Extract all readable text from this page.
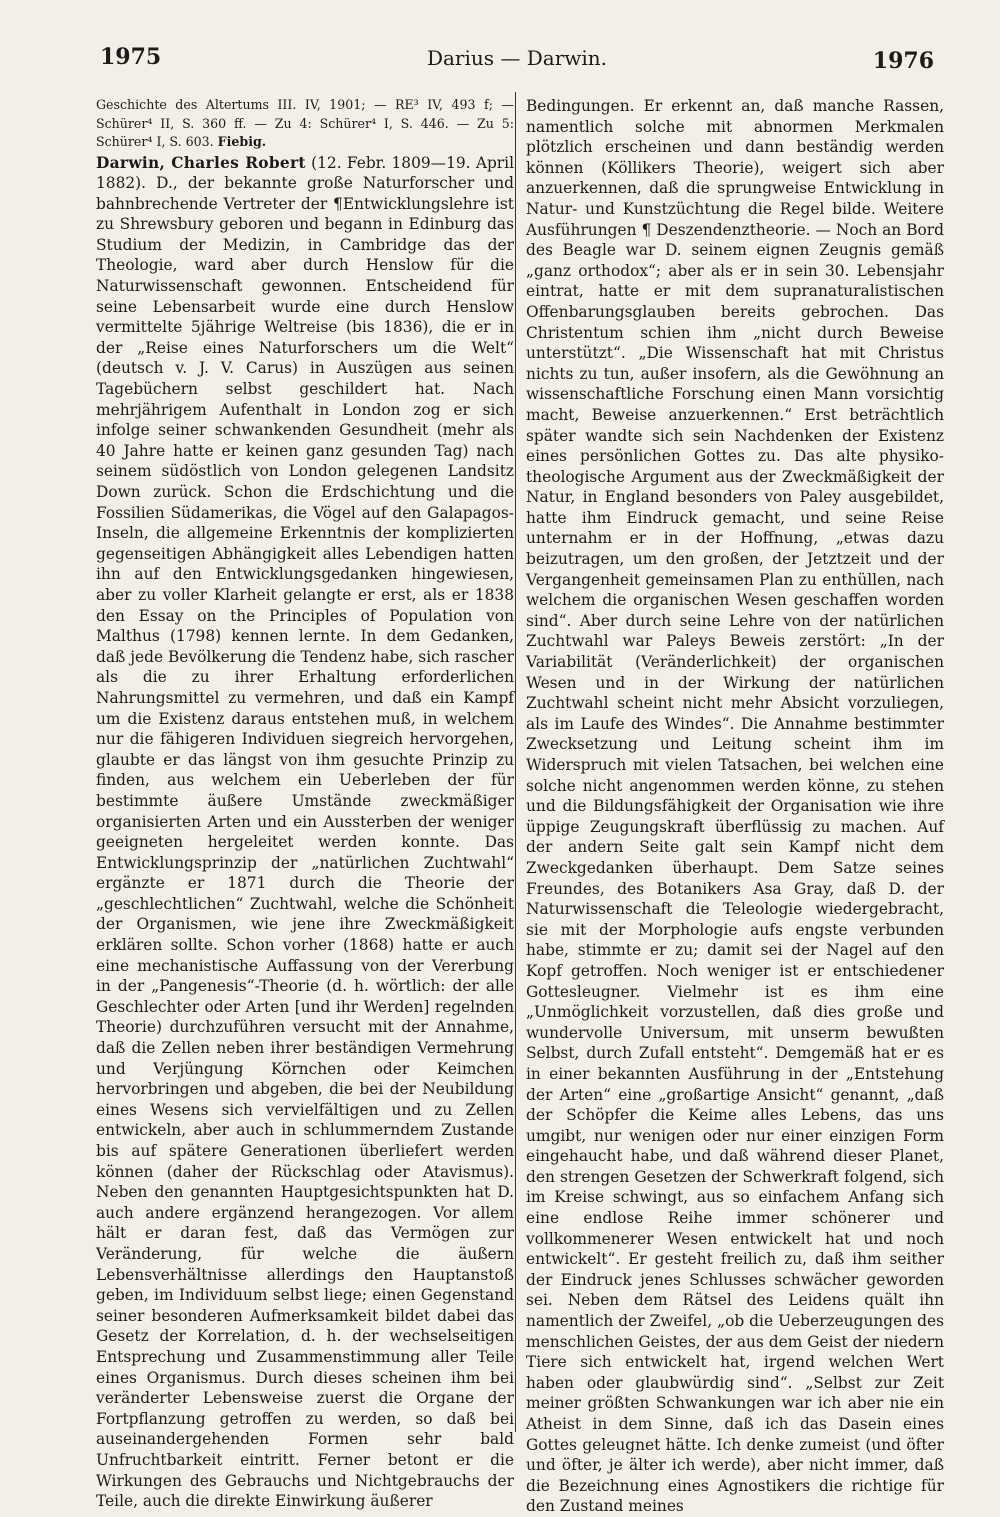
1975	Darius — Darwin.	1976

Geschichte des Altertums III. IV, 1901; — RE³ IV, 493 f; — Schürer⁴ II, S. 360 ff. — Zu 4: Schürer⁴ I, S. 446. — Zu 5: Schürer⁴ I, S. 603. Fiebig.

Darwin, Charles Robert (12. Febr. 1809—19. April 1882). D., der bekannte große Naturforscher und bahnbrechende Vertreter der ¶Entwicklungslehre ist zu Shrewsbury geboren und begann in Edinburg das Studium der Medizin, in Cambridge das der Theologie, ward aber durch Henslow für die Naturwissenschaft gewonnen. Entscheidend für seine Lebensarbeit wurde eine durch Henslow vermittelte 5jährige Weltreise (bis 1836), die er in der „Reise eines Naturforschers um die Welt“ (deutsch v. J. V. Carus) in Auszügen aus seinen Tagebüchern selbst geschildert hat. Nach mehrjährigem Aufenthalt in London zog er sich infolge seiner schwankenden Gesundheit (mehr als 40 Jahre hatte er keinen ganz gesunden Tag) nach seinem südöstlich von London gelegenen Landsitz Down zurück. Schon die Erdschichtung und die Fossilien Südamerikas, die Vögel auf den Galapagos-Inseln, die allgemeine Erkenntnis der komplizierten gegenseitigen Abhängigkeit alles Lebendigen hatten ihn auf den Entwicklungsgedanken hingewiesen, aber zu voller Klarheit gelangte er erst, als er 1838 den Essay on the Principles of Population von Malthus (1798) kennen lernte. In dem Gedanken, daß jede Bevölkerung die Tendenz habe, sich rascher als die zu ihrer Erhaltung erforderlichen Nahrungsmittel zu vermehren, und daß ein Kampf um die Existenz daraus entstehen muß, in welchem nur die fähigeren Individuen siegreich hervorgehen, glaubte er das längst von ihm gesuchte Prinzip zu finden, aus welchem ein Ueberleben der für bestimmte äußere Umstände zweckmäßiger organisierten Arten und ein Aussterben der weniger geeigneten hergeleitet werden konnte. Das Entwicklungsprinzip der „natürlichen Zuchtwahl“ ergänzte er 1871 durch die Theorie der „geschlechtlichen“ Zuchtwahl, welche die Schönheit der Organismen, wie jene ihre Zweckmäßigkeit erklären sollte. Schon vorher (1868) hatte er auch eine mechanistische Auffassung von der Vererbung in der „Pangenesis“-Theorie (d. h. wörtlich: der alle Geschlechter oder Arten [und ihr Werden] regelnden Theorie) durchzuführen versucht mit der Annahme, daß die Zellen neben ihrer beständigen Vermehrung und Verjüngung Körnchen oder Keimchen hervorbringen und abgeben, die bei der Neubildung eines Wesens sich vervielfältigen und zu Zellen entwickeln, aber auch in schlummerndem Zustande bis auf spätere Generationen überliefert werden können (daher der Rückschlag oder Atavismus). Neben den genannten Hauptgesichtspunkten hat D. auch andere ergänzend herangezogen. Vor allem hält er daran fest, daß das Vermögen zur Veränderung, für welche die äußern Lebensverhältnisse allerdings den Hauptanstoß geben, im Individuum selbst liege; einen Gegenstand seiner besonderen Aufmerksamkeit bildet dabei das Gesetz der Korrelation, d. h. der wechselseitigen Entsprechung und Zusammenstimmung aller Teile eines Organismus. Durch dieses scheinen ihm bei veränderter Lebensweise zuerst die Organe der Fortpflanzung getroffen zu werden, so daß bei auseinandergehenden Formen sehr bald Unfruchtbarkeit eintritt. Ferner betont er die Wirkungen des Gebrauchs und Nichtgebrauchs der Teile, auch die direkte Einwirkung äußerer

Bedingungen. Er erkennt an, daß manche Rassen, namentlich solche mit abnormen Merkmalen plötzlich erscheinen und dann beständig werden können (Köllikers Theorie), weigert sich aber anzuerkennen, daß die sprungweise Entwicklung in Natur- und Kunstzüchtung die Regel bilde. Weitere Ausführungen ¶ Deszendenztheorie. — Noch an Bord des Beagle war D. seinem eignen Zeugnis gemäß „ganz orthodox“; aber als er in sein 30. Lebensjahr eintrat, hatte er mit dem supranaturalistischen Offenbarungsglauben bereits gebrochen. Das Christentum schien ihm „nicht durch Beweise unterstützt“. „Die Wissenschaft hat mit Christus nichts zu tun, außer insofern, als die Gewöhnung an wissenschaftliche Forschung einen Mann vorsichtig macht, Beweise anzuerkennen.“ Erst beträchtlich später wandte sich sein Nachdenken der Existenz eines persönlichen Gottes zu. Das alte physiko-theologische Argument aus der Zweckmäßigkeit der Natur, in England besonders von Paley ausgebildet, hatte ihm Eindruck gemacht, und seine Reise unternahm er in der Hoffnung, „etwas dazu beizutragen, um den großen, der Jetztzeit und der Vergangenheit gemeinsamen Plan zu enthüllen, nach welchem die organischen Wesen geschaffen worden sind“. Aber durch seine Lehre von der natürlichen Zuchtwahl war Paleys Beweis zerstört: „In der Variabilität (Veränderlichkeit) der organischen Wesen und in der Wirkung der natürlichen Zuchtwahl scheint nicht mehr Absicht vorzuliegen, als im Laufe des Windes“. Die Annahme bestimmter Zwecksetzung und Leitung scheint ihm im Widerspruch mit vielen Tatsachen, bei welchen eine solche nicht angenommen werden könne, zu stehen und die Bildungsfähigkeit der Organisation wie ihre üppige Zeugungskraft überflüssig zu machen. Auf der andern Seite galt sein Kampf nicht dem Zweckgedanken überhaupt. Dem Satze seines Freundes, des Botanikers Asa Gray, daß D. der Naturwissenschaft die Teleologie wiedergebracht, sie mit der Morphologie aufs engste verbunden habe, stimmte er zu; damit sei der Nagel auf den Kopf getroffen. Noch weniger ist er entschiedener Gottesleugner. Vielmehr ist es ihm eine „Unmöglichkeit vorzustellen, daß dies große und wundervolle Universum, mit unserm bewußten Selbst, durch Zufall entsteht“. Demgemäß hat er es in einer bekannten Ausführung in der „Entstehung der Arten“ eine „großartige Ansicht“ genannt, „daß der Schöpfer die Keime alles Lebens, das uns umgibt, nur wenigen oder nur einer einzigen Form eingehaucht habe, und daß während dieser Planet, den strengen Gesetzen der Schwerkraft folgend, sich im Kreise schwingt, aus so einfachem Anfang sich eine endlose Reihe immer schönerer und vollkommenerer Wesen entwickelt hat und noch entwickelt“. Er gesteht freilich zu, daß ihm seither der Eindruck jenes Schlusses schwächer geworden sei. Neben dem Rätsel des Leidens quält ihn namentlich der Zweifel, „ob die Ueberzeugungen des menschlichen Geistes, der aus dem Geist der niedern Tiere sich entwickelt hat, irgend welchen Wert haben oder glaubwürdig sind“. „Selbst zur Zeit meiner größten Schwankungen war ich aber nie ein Atheist in dem Sinne, daß ich das Dasein eines Gottes geleugnet hätte. Ich denke zumeist (und öfter und öfter, je älter ich werde), aber nicht immer, daß die Bezeichnung eines Agnostikers die richtige für den Zustand meines
